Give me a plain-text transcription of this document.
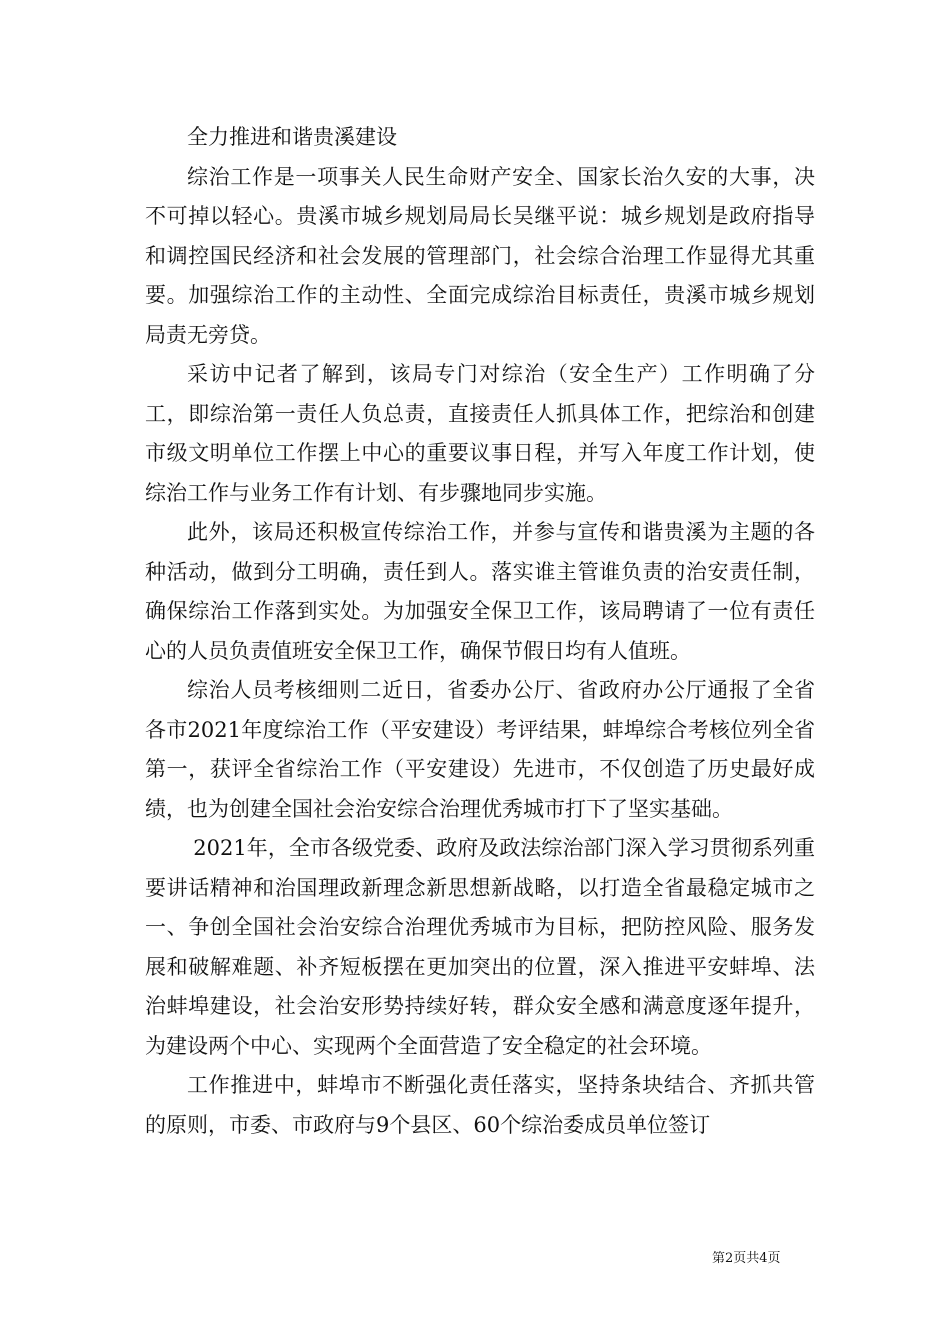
全力推进和谐贵溪建设

综治工作是一项事关人民生命财产安全、国家长治久安的大事，决不可掉以轻心。贵溪市城乡规划局局长吴继平说：城乡规划是政府指导和调控国民经济和社会发展的管理部门，社会综合治理工作显得尤其重要。加强综治工作的主动性、全面完成综治目标责任，贵溪市城乡规划局责无旁贷。

采访中记者了解到，该局专门对综治（安全生产）工作明确了分工，即综治第一责任人负总责，直接责任人抓具体工作，把综治和创建市级文明单位工作摆上中心的重要议事日程，并写入年度工作计划，使综治工作与业务工作有计划、有步骤地同步实施。

此外，该局还积极宣传综治工作，并参与宣传和谐贵溪为主题的各种活动，做到分工明确，责任到人。落实谁主管谁负责的治安责任制，确保综治工作落到实处。为加强安全保卫工作，该局聘请了一位有责任心的人员负责值班安全保卫工作，确保节假日均有人值班。

综治人员考核细则二近日，省委办公厅、省政府办公厅通报了全省各市2021年度综治工作（平安建设）考评结果，蚌埠综合考核位列全省第一，获评全省综治工作（平安建设）先进市，不仅创造了历史最好成绩，也为创建全国社会治安综合治理优秀城市打下了坚实基础。

2021年，全市各级党委、政府及政法综治部门深入学习贯彻系列重要讲话精神和治国理政新理念新思想新战略，以打造全省最稳定城市之一、争创全国社会治安综合治理优秀城市为目标，把防控风险、服务发展和破解难题、补齐短板摆在更加突出的位置，深入推进平安蚌埠、法治蚌埠建设，社会治安形势持续好转，群众安全感和满意度逐年提升，为建设两个中心、实现两个全面营造了安全稳定的社会环境。

工作推进中，蚌埠市不断强化责任落实，坚持条块结合、齐抓共管的原则，市委、市政府与9个县区、60个综治委成员单位签订

第2页共4页
